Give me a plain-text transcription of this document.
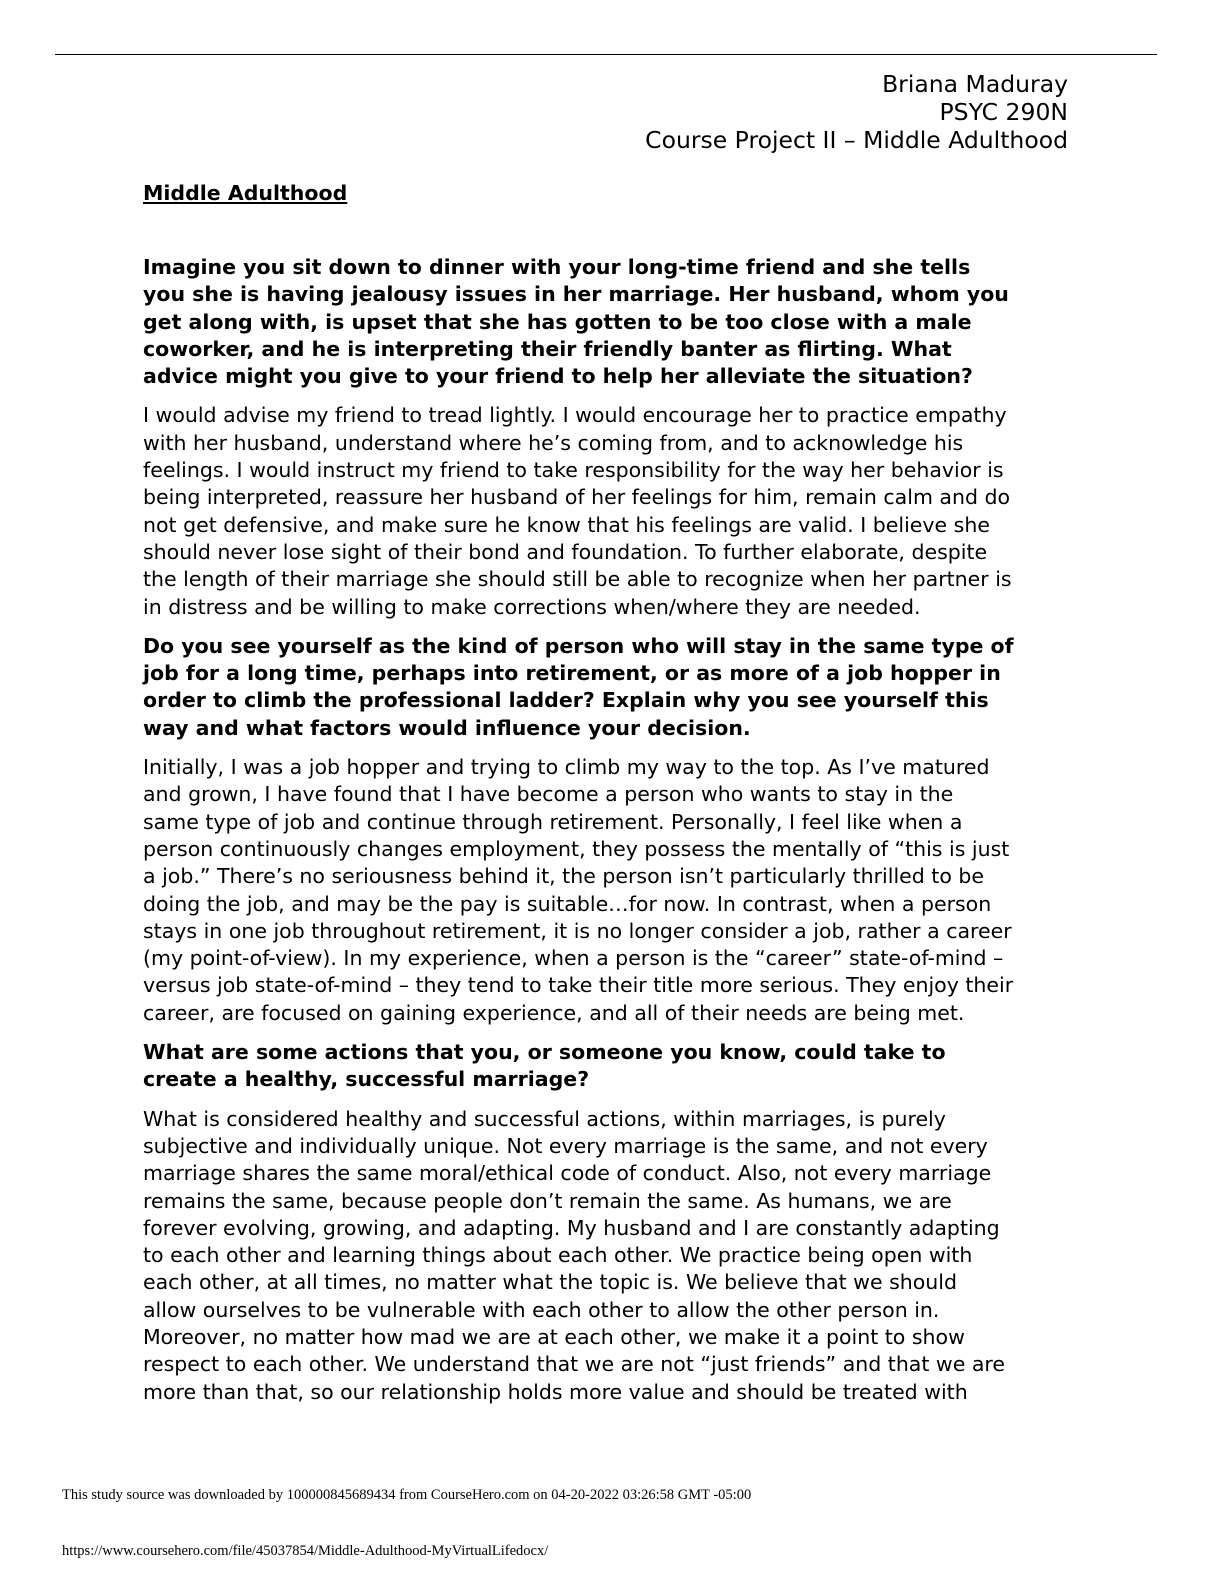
Briana Maduray
PSYC 290N
Course Project II – Middle Adulthood

Middle Adulthood

Imagine you sit down to dinner with your long-time friend and she tells
you she is having jealousy issues in her marriage. Her husband, whom you
get along with, is upset that she has gotten to be too close with a male
coworker, and he is interpreting their friendly banter as flirting. What
advice might you give to your friend to help her alleviate the situation?

I would advise my friend to tread lightly. I would encourage her to practice empathy
with her husband, understand where he’s coming from, and to acknowledge his
feelings. I would instruct my friend to take responsibility for the way her behavior is
being interpreted, reassure her husband of her feelings for him, remain calm and do
not get defensive, and make sure he know that his feelings are valid. I believe she
should never lose sight of their bond and foundation. To further elaborate, despite
the length of their marriage she should still be able to recognize when her partner is
in distress and be willing to make corrections when/where they are needed.

Do you see yourself as the kind of person who will stay in the same type of
job for a long time, perhaps into retirement, or as more of a job hopper in
order to climb the professional ladder? Explain why you see yourself this
way and what factors would influence your decision.

Initially, I was a job hopper and trying to climb my way to the top. As I’ve matured
and grown, I have found that I have become a person who wants to stay in the
same type of job and continue through retirement. Personally, I feel like when a
person continuously changes employment, they possess the mentally of “this is just
a job.” There’s no seriousness behind it, the person isn’t particularly thrilled to be
doing the job, and may be the pay is suitable…for now. In contrast, when a person
stays in one job throughout retirement, it is no longer consider a job, rather a career
(my point-of-view). In my experience, when a person is the “career” state-of-mind –
versus job state-of-mind – they tend to take their title more serious. They enjoy their
career, are focused on gaining experience, and all of their needs are being met.

What are some actions that you, or someone you know, could take to
create a healthy, successful marriage?

What is considered healthy and successful actions, within marriages, is purely
subjective and individually unique. Not every marriage is the same, and not every
marriage shares the same moral/ethical code of conduct. Also, not every marriage
remains the same, because people don’t remain the same. As humans, we are
forever evolving, growing, and adapting. My husband and I are constantly adapting
to each other and learning things about each other. We practice being open with
each other, at all times, no matter what the topic is. We believe that we should
allow ourselves to be vulnerable with each other to allow the other person in.
Moreover, no matter how mad we are at each other, we make it a point to show
respect to each other. We understand that we are not “just friends” and that we are
more than that, so our relationship holds more value and should be treated with

This study source was downloaded by 100000845689434 from CourseHero.com on 04-20-2022 03:26:58 GMT -05:00
https://www.coursehero.com/file/45037854/Middle-Adulthood-MyVirtualLifedocx/
